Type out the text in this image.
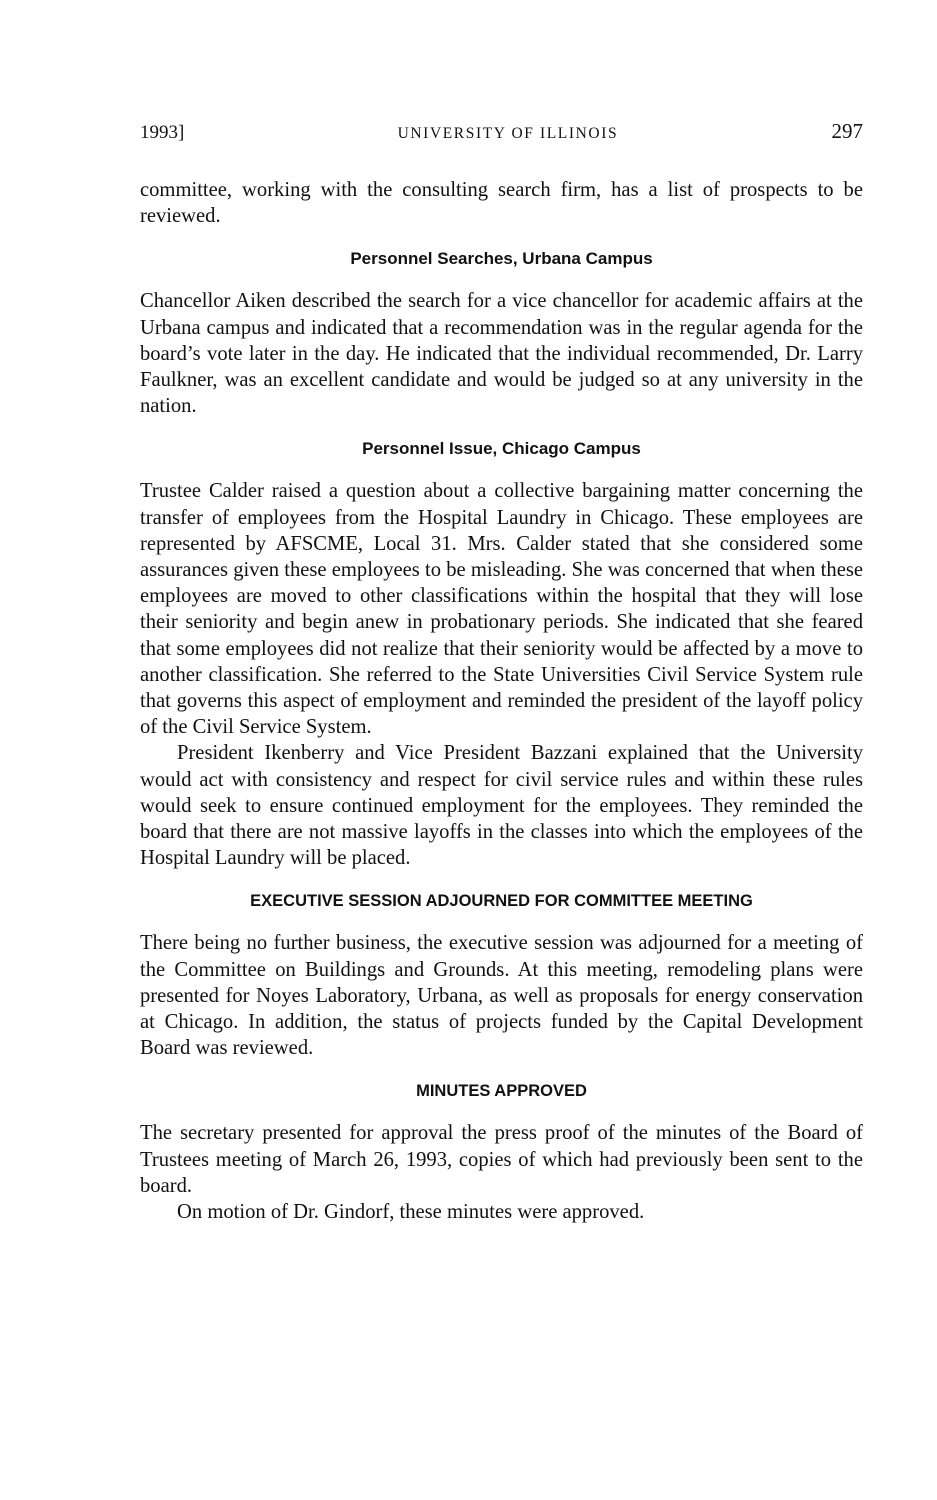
1993]	UNIVERSITY OF ILLINOIS	297

committee, working with the consulting search firm, has a list of prospects to be reviewed.

Personnel Searches, Urbana Campus

Chancellor Aiken described the search for a vice chancellor for academic affairs at the Urbana campus and indicated that a recommendation was in the regular agenda for the board’s vote later in the day. He indicated that the individual recommended, Dr. Larry Faulkner, was an excellent candidate and would be judged so at any university in the nation.

Personnel Issue, Chicago Campus

Trustee Calder raised a question about a collective bargaining matter concerning the transfer of employees from the Hospital Laundry in Chicago. These employees are represented by AFSCME, Local 31. Mrs. Calder stated that she considered some assurances given these employees to be misleading. She was concerned that when these employees are moved to other classifications within the hospital that they will lose their seniority and begin anew in probationary periods. She indicated that she feared that some employees did not realize that their seniority would be affected by a move to another classification. She referred to the State Universities Civil Service System rule that governs this aspect of employment and reminded the president of the layoff policy of the Civil Service System.

President Ikenberry and Vice President Bazzani explained that the University would act with consistency and respect for civil service rules and within these rules would seek to ensure continued employment for the employees. They reminded the board that there are not massive layoffs in the classes into which the employees of the Hospital Laundry will be placed.

EXECUTIVE SESSION ADJOURNED FOR COMMITTEE MEETING

There being no further business, the executive session was adjourned for a meeting of the Committee on Buildings and Grounds. At this meeting, remodeling plans were presented for Noyes Laboratory, Urbana, as well as proposals for energy conservation at Chicago. In addition, the status of projects funded by the Capital Development Board was reviewed.

MINUTES APPROVED

The secretary presented for approval the press proof of the minutes of the Board of Trustees meeting of March 26, 1993, copies of which had previously been sent to the board.

On motion of Dr. Gindorf, these minutes were approved.
